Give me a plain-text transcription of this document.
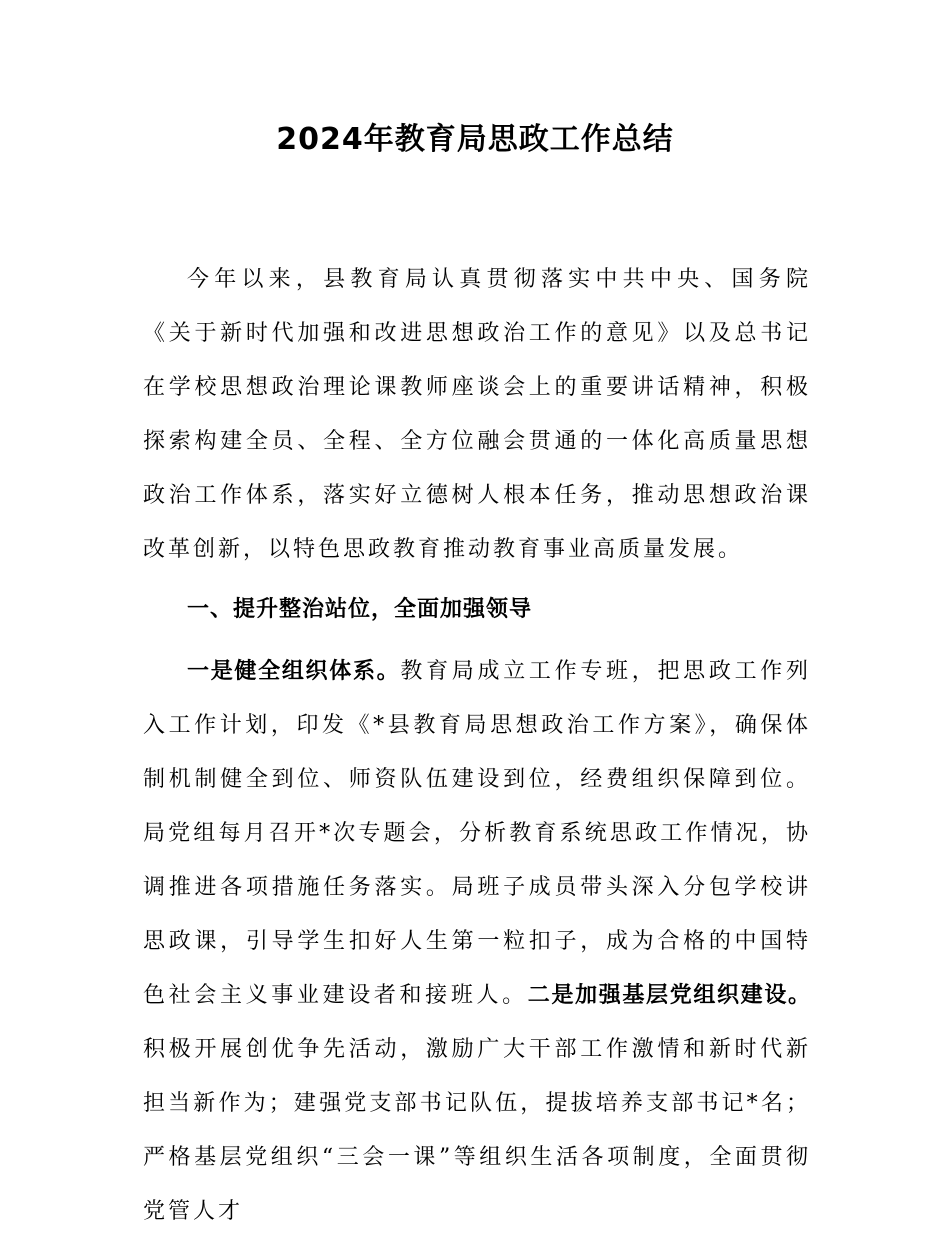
2024年教育局思政工作总结

今年以来，县教育局认真贯彻落实中共中央、国务院《关于新时代加强和改进思想政治工作的意见》以及总书记在学校思想政治理论课教师座谈会上的重要讲话精神，积极探索构建全员、全程、全方位融会贯通的一体化高质量思想政治工作体系，落实好立德树人根本任务，推动思想政治课改革创新，以特色思政教育推动教育事业高质量发展。

一、提升整治站位，全面加强领导

一是健全组织体系。教育局成立工作专班，把思政工作列入工作计划，印发《*县教育局思想政治工作方案》，确保体制机制健全到位、师资队伍建设到位，经费组织保障到位。局党组每月召开*次专题会，分析教育系统思政工作情况，协调推进各项措施任务落实。局班子成员带头深入分包学校讲思政课，引导学生扣好人生第一粒扣子，成为合格的中国特色社会主义事业建设者和接班人。二是加强基层党组织建设。积极开展创优争先活动，激励广大干部工作激情和新时代新担当新作为；建强党支部书记队伍，提拔培养支部书记*名；严格基层党组织“三会一课”等组织生活各项制度，全面贯彻党管人才
